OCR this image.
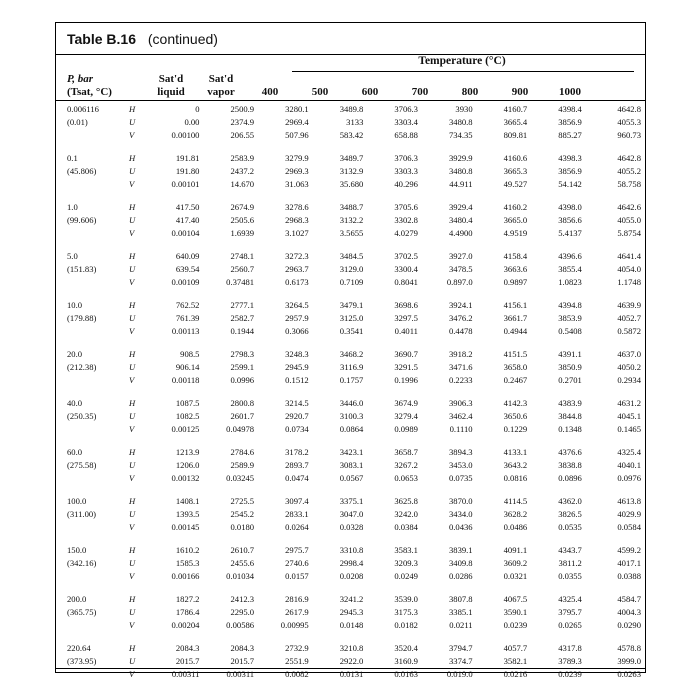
Table B.16 (continued)
Temperature (°C)
P, bar
(Tsat, °C)
Sat'd
liquid
Sat'd
vapor	400	500	600	700	800	900	1000
0.006116	H	0	2500.9	3280.1	3489.8	3706.3	3930	4160.7	4398.4	4642.8
(0.01)	U	0.00	2374.9	2969.4	3133	3303.4	3480.8	3665.4	3856.9	4055.3
	V	0.00100	206.55	507.96	583.42	658.88	734.35	809.81	885.27	960.73

0.1	H	191.81	2583.9	3279.9	3489.7	3706.3	3929.9	4160.6	4398.3	4642.8
(45.806)	U	191.80	2437.2	2969.3	3132.9	3303.3	3480.8	3665.3	3856.9	4055.2
	V	0.00101	14.670	31.063	35.680	40.296	44.911	49.527	54.142	58.758

1.0	H	417.50	2674.9	3278.6	3488.7	3705.6	3929.4	4160.2	4398.0	4642.6
(99.606)	U	417.40	2505.6	2968.3	3132.2	3302.8	3480.4	3665.0	3856.6	4055.0
	V	0.00104	1.6939	3.1027	3.5655	4.0279	4.4900	4.9519	5.4137	5.8754

5.0	H	640.09	2748.1	3272.3	3484.5	3702.5	3927.0	4158.4	4396.6	4641.4
(151.83)	U	639.54	2560.7	2963.7	3129.0	3300.4	3478.5	3663.6	3855.4	4054.0
	V	0.00109	0.37481	0.6173	0.7109	0.8041	0.897.0	0.9897	1.0823	1.1748

10.0	H	762.52	2777.1	3264.5	3479.1	3698.6	3924.1	4156.1	4394.8	4639.9
(179.88)	U	761.39	2582.7	2957.9	3125.0	3297.5	3476.2	3661.7	3853.9	4052.7
	V	0.00113	0.1944	0.3066	0.3541	0.4011	0.4478	0.4944	0.5408	0.5872

20.0	H	908.5	2798.3	3248.3	3468.2	3690.7	3918.2	4151.5	4391.1	4637.0
(212.38)	U	906.14	2599.1	2945.9	3116.9	3291.5	3471.6	3658.0	3850.9	4050.2
	V	0.00118	0.0996	0.1512	0.1757	0.1996	0.2233	0.2467	0.2701	0.2934

40.0	H	1087.5	2800.8	3214.5	3446.0	3674.9	3906.3	4142.3	4383.9	4631.2
(250.35)	U	1082.5	2601.7	2920.7	3100.3	3279.4	3462.4	3650.6	3844.8	4045.1
	V	0.00125	0.04978	0.0734	0.0864	0.0989	0.1110	0.1229	0.1348	0.1465

60.0	H	1213.9	2784.6	3178.2	3423.1	3658.7	3894.3	4133.1	4376.6	4325.4
(275.58)	U	1206.0	2589.9	2893.7	3083.1	3267.2	3453.0	3643.2	3838.8	4040.1
	V	0.00132	0.03245	0.0474	0.0567	0.0653	0.0735	0.0816	0.0896	0.0976

100.0	H	1408.1	2725.5	3097.4	3375.1	3625.8	3870.0	4114.5	4362.0	4613.8
(311.00)	U	1393.5	2545.2	2833.1	3047.0	3242.0	3434.0	3628.2	3826.5	4029.9
	V	0.00145	0.0180	0.0264	0.0328	0.0384	0.0436	0.0486	0.0535	0.0584

150.0	H	1610.2	2610.7	2975.7	3310.8	3583.1	3839.1	4091.1	4343.7	4599.2
(342.16)	U	1585.3	2455.6	2740.6	2998.4	3209.3	3409.8	3609.2	3811.2	4017.1
	V	0.00166	0.01034	0.0157	0.0208	0.0249	0.0286	0.0321	0.0355	0.0388

200.0	H	1827.2	2412.3	2816.9	3241.2	3539.0	3807.8	4067.5	4325.4	4584.7
(365.75)	U	1786.4	2295.0	2617.9	2945.3	3175.3	3385.1	3590.1	3795.7	4004.3
	V	0.00204	0.00586	0.00995	0.0148	0.0182	0.0211	0.0239	0.0265	0.0290

220.64	H	2084.3	2084.3	2732.9	3210.8	3520.4	3794.7	4057.7	4317.8	4578.8
(373.95)	U	2015.7	2015.7	2551.9	2922.0	3160.9	3374.7	3582.1	3789.3	3999.0
	V	0.00311	0.00311	0.0082	0.0131	0.0163	0.019.0	0.0216	0.0239	0.0263
